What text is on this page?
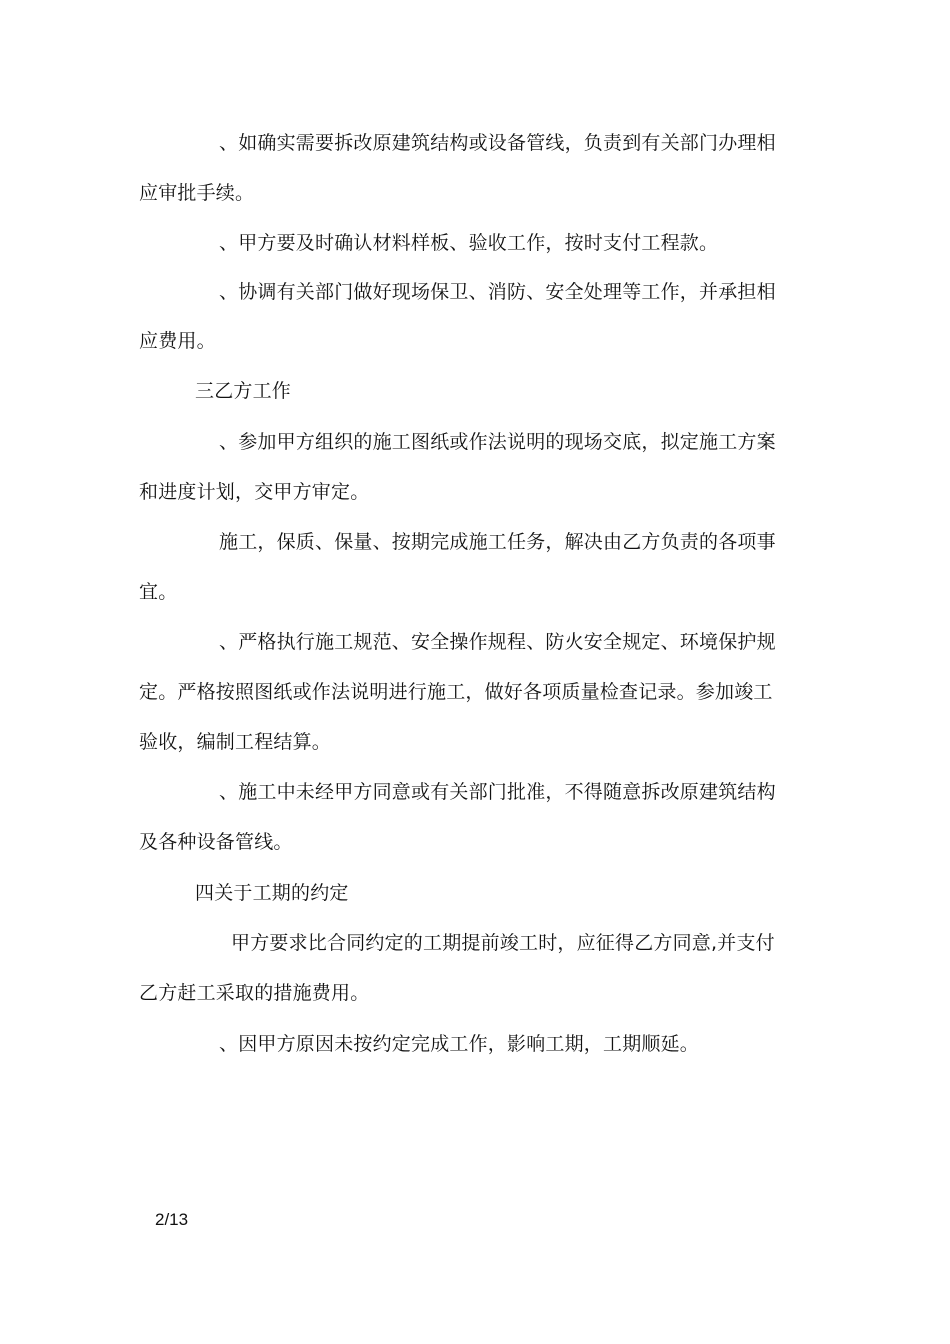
、如确实需要拆改原建筑结构或设备管线，负责到有关部门办理相
应审批手续。
、甲方要及时确认材料样板、验收工作，按时支付工程款。
、协调有关部门做好现场保卫、消防、安全处理等工作，并承担相
应费用。
三乙方工作
、参加甲方组织的施工图纸或作法说明的现场交底，拟定施工方案
和进度计划，交甲方审定。
施工，保质、保量、按期完成施工任务，解决由乙方负责的各项事
宜。
、严格执行施工规范、安全操作规程、防火安全规定、环境保护规
定。严格按照图纸或作法说明进行施工，做好各项质量检查记录。参加竣工
验收，编制工程结算。
、施工中未经甲方同意或有关部门批准，不得随意拆改原建筑结构
及各种设备管线。
四关于工期的约定
甲方要求比合同约定的工期提前竣工时，应征得乙方同意,并支付
乙方赶工采取的措施费用。
、因甲方原因未按约定完成工作，影响工期，工期顺延。
2/13
